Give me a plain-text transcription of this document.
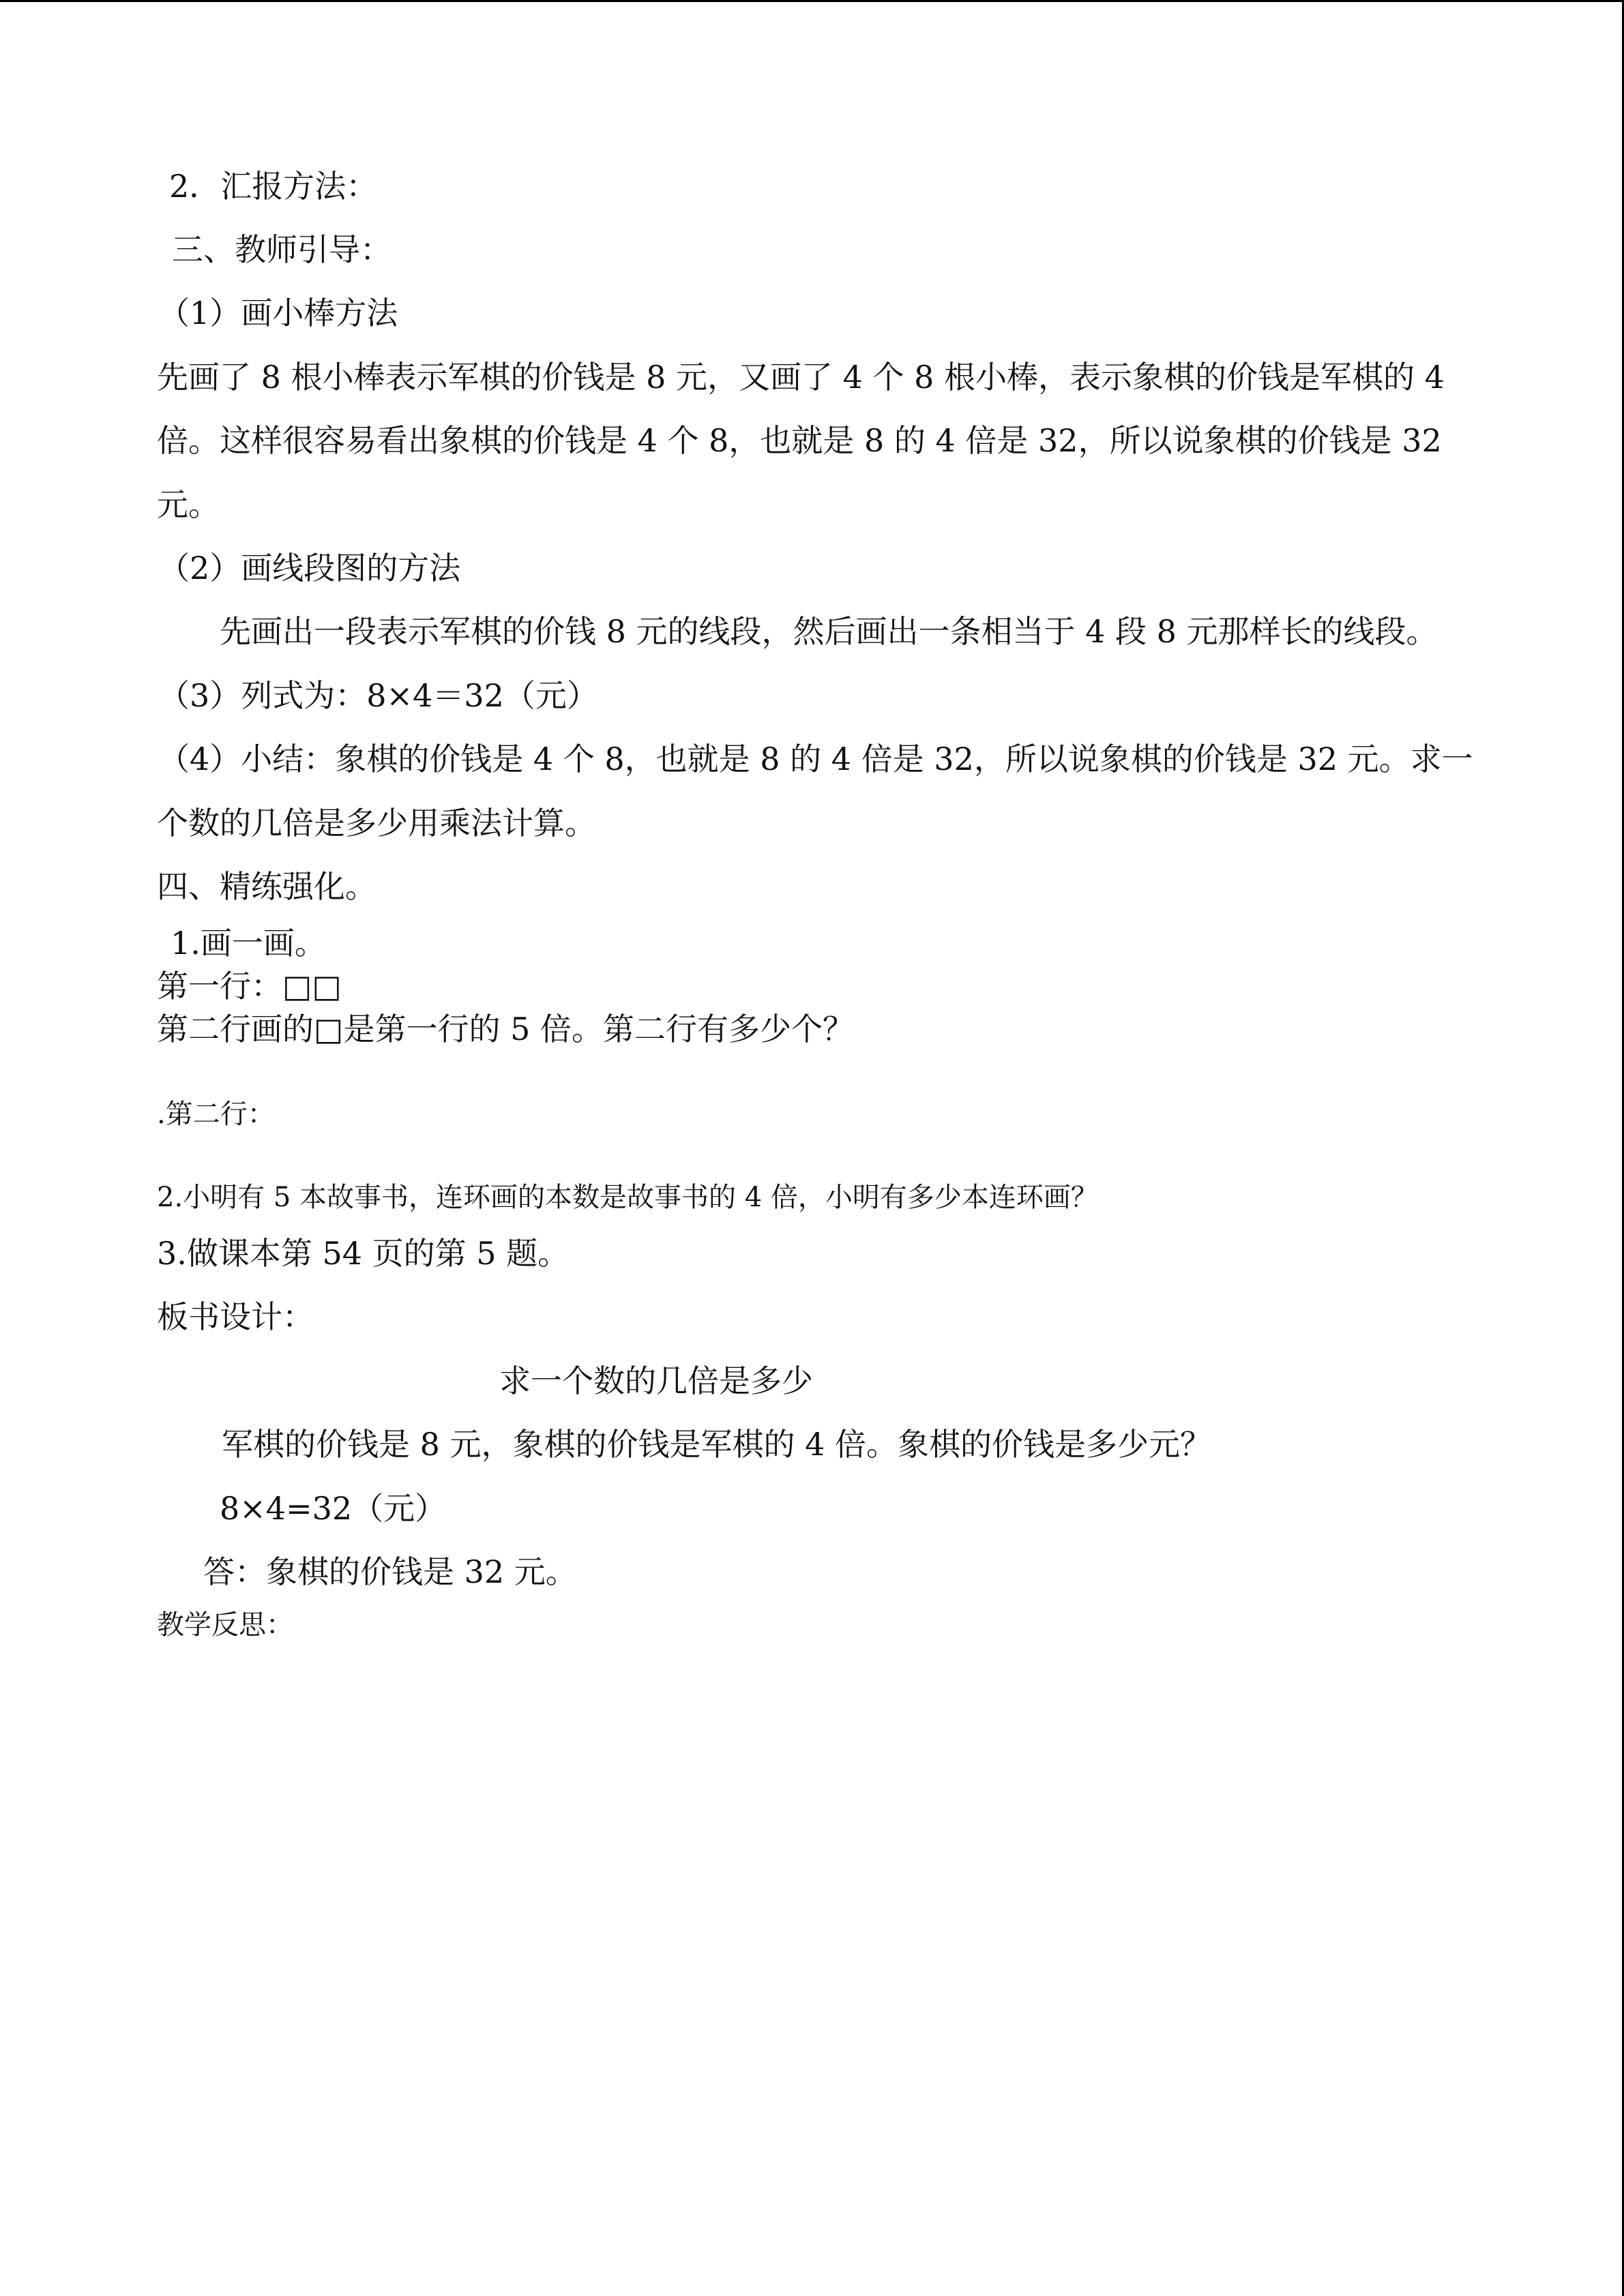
2．汇报方法：
三、教师引导：
（1）画小棒方法
先画了 8 根小棒表示军棋的价钱是 8 元，又画了 4 个 8 根小棒，表示象棋的价钱是军棋的 4
倍。这样很容易看出象棋的价钱是 4 个 8，也就是 8 的 4 倍是 32，所以说象棋的价钱是 32
元。
（2）画线段图的方法
先画出一段表示军棋的价钱 8 元的线段，然后画出一条相当于 4 段 8 元那样长的线段。
（3）列式为：8×4＝32（元）
（4）小结：象棋的价钱是 4 个 8，也就是 8 的 4 倍是 32，所以说象棋的价钱是 32 元。求一
个数的几倍是多少用乘法计算。
四、精练强化。
1.画一画。
第一行：□□
第二行画的□是第一行的 5 倍。第二行有多少个？
.第二行：
2.小明有 5 本故事书，连环画的本数是故事书的 4 倍，小明有多少本连环画？
3.做课本第 54 页的第 5 题。
板书设计：
求一个数的几倍是多少
军棋的价钱是 8 元，象棋的价钱是军棋的 4 倍。象棋的价钱是多少元？
8×4=32（元）
答：象棋的价钱是 32 元。
教学反思：
